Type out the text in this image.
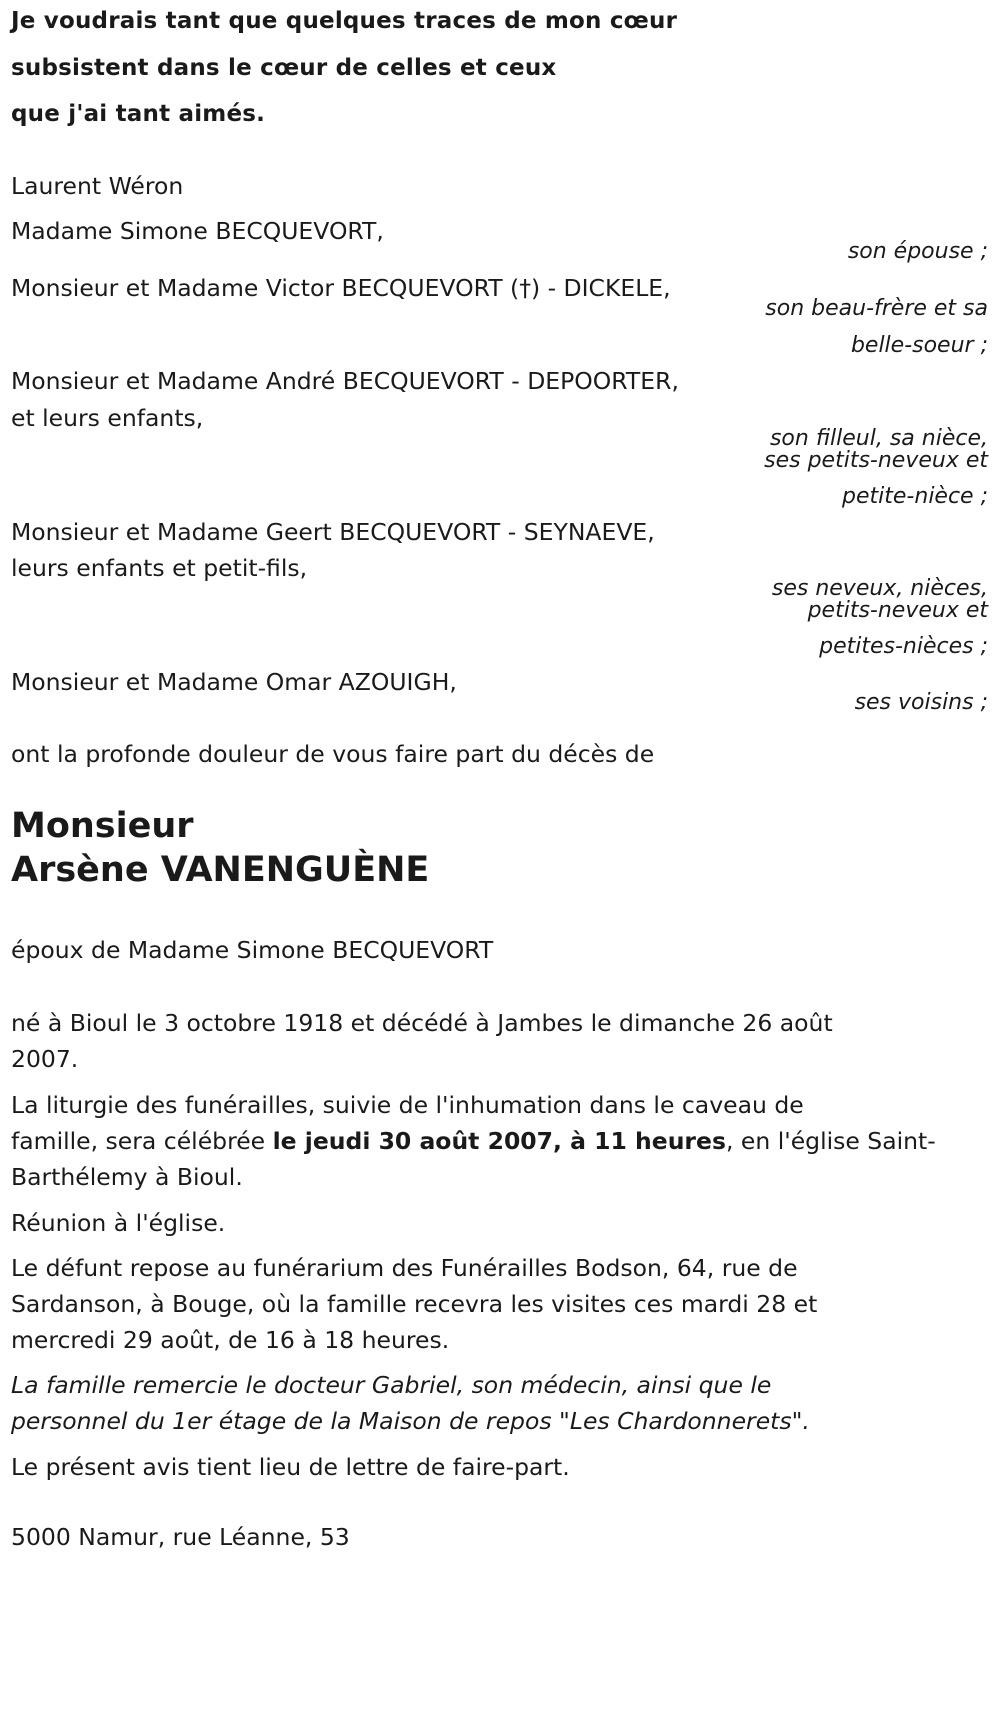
Je voudrais tant que quelques traces de mon cœur
subsistent dans le cœur de celles et ceux
que j'ai tant aimés.
Laurent Wéron
Madame Simone BECQUEVORT,
son épouse ;
Monsieur et Madame Victor BECQUEVORT (†) - DICKELE,
son beau-frère et sa
belle-soeur ;
Monsieur et Madame André BECQUEVORT - DEPOORTER,
et leurs enfants,
son filleul, sa nièce,
ses petits-neveux et
petite-nièce ;
Monsieur et Madame Geert BECQUEVORT - SEYNAEVE,
leurs enfants et petit-fils,
ses neveux, nièces,
petits-neveux et
petites-nièces ;
Monsieur et Madame Omar AZOUIGH,
ses voisins ;
ont la profonde douleur de vous faire part du décès de
Monsieur
Arsène VANENGUÈNE
époux de Madame Simone BECQUEVORT
né à Bioul le 3 octobre 1918 et décédé à Jambes le dimanche 26 août
2007.
La liturgie des funérailles, suivie de l'inhumation dans le caveau de
famille, sera célébrée le jeudi 30 août 2007, à 11 heures, en l'église Saint-
Barthélemy à Bioul.
Réunion à l'église.
Le défunt repose au funérarium des Funérailles Bodson, 64, rue de
Sardanson, à Bouge, où la famille recevra les visites ces mardi 28 et
mercredi 29 août, de 16 à 18 heures.
La famille remercie le docteur Gabriel, son médecin, ainsi que le
personnel du 1er étage de la Maison de repos "Les Chardonnerets".
Le présent avis tient lieu de lettre de faire-part.
5000 Namur, rue Léanne, 53
